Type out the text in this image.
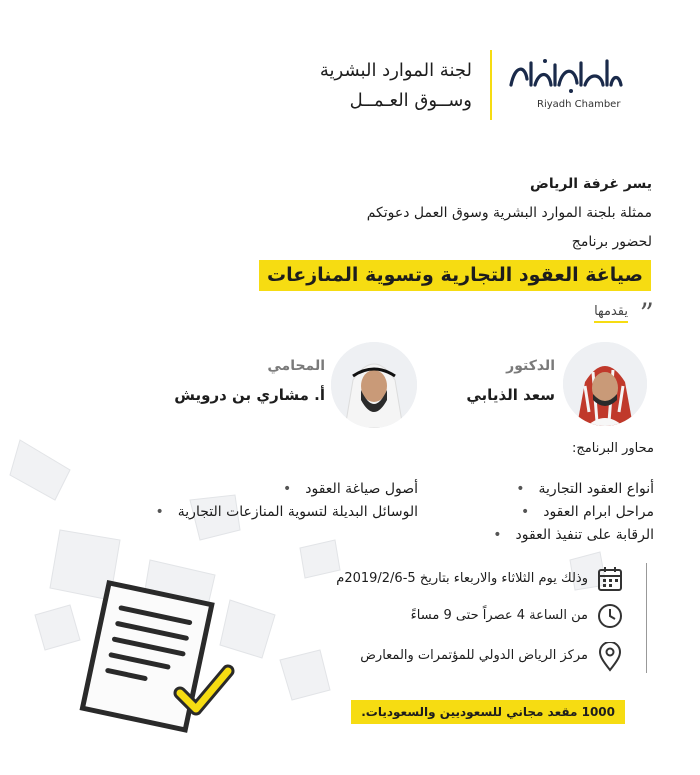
Riyadh Chamber
لجنة الموارد البشرية
وســوق العـمــل
يسر غرفة الرياض
ممثلة بلجنة الموارد البشرية وسوق العمل دعوتكم
لحضور برنامج
صياغة العقود التجارية وتسوية المنازعات
”
يقدمها
الدكتور
سعد الذيابي
المحامي
أ. مشاري بن درويش
محاور البرنامج:
أنواع العقود التجارية •
مراحل ابرام العقود •
الرقابة على تنفيذ العقود •
أصول صياغة العقود •
الوسائل البديلة لتسوية المنازعات التجارية •
وذلك يوم الثلاثاء والاربعاء بتاريخ 5-2019/2/6م
من الساعة 4 عصراً حتى 9 مساءً
مركز الرياض الدولي للمؤتمرات والمعارض
1000 مقعد مجاني للسعوديين والسعوديات.
